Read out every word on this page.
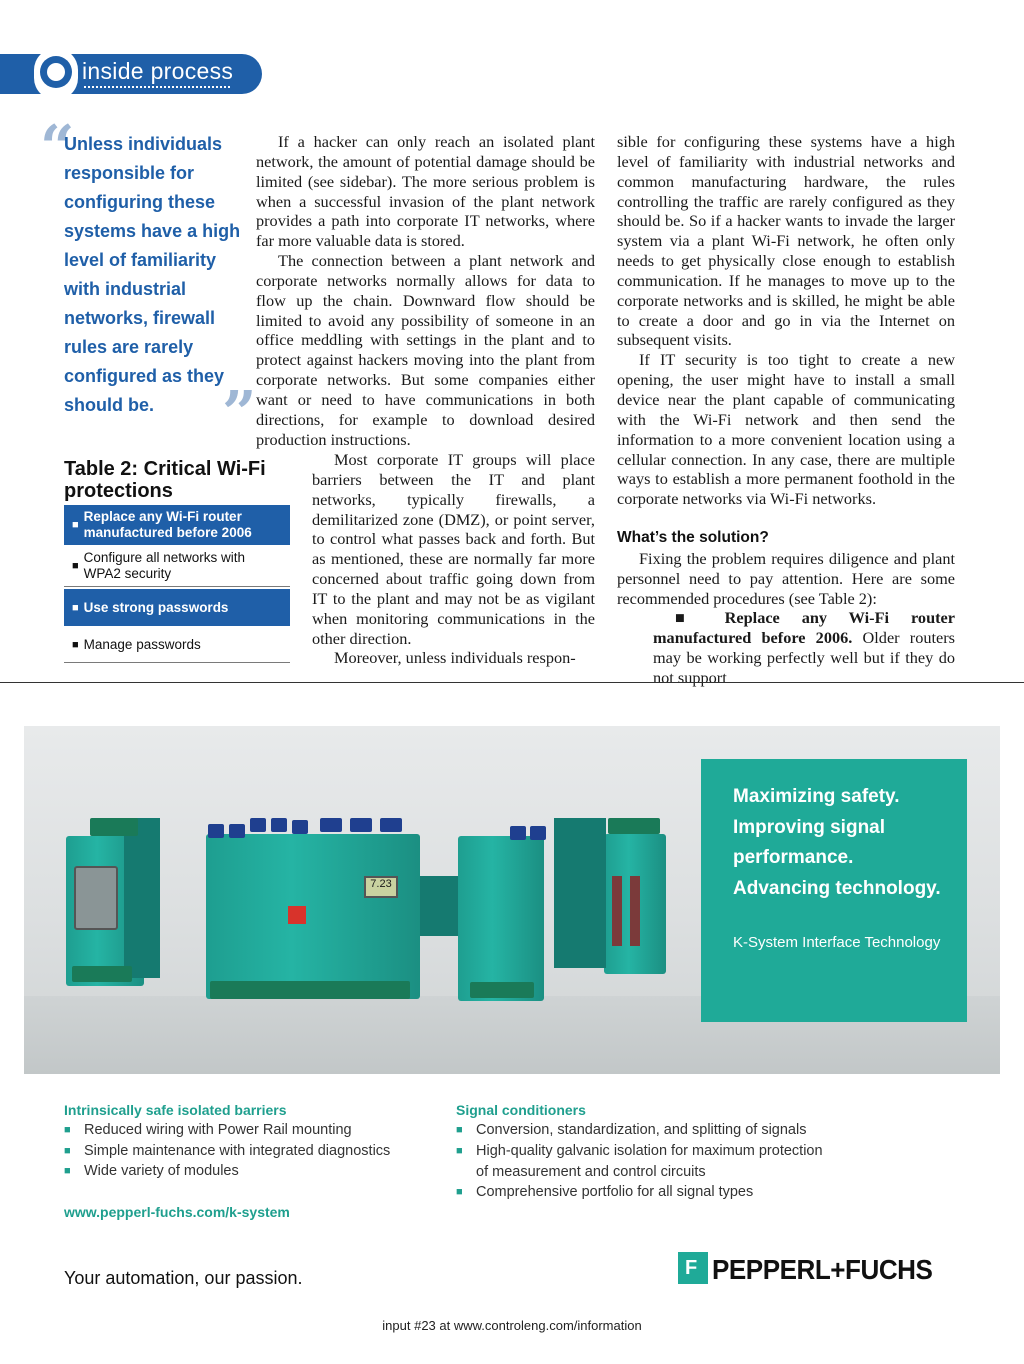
inside process
“

Unless individuals responsible for configuring these systems have a high level of familiarity with industrial networks, firewall rules are rarely configured as they should be.	”

Table 2: Critical Wi-Fi protections

■
Replace any Wi-Fi router manufactured before 2006
■
Configure all networks with WPA2 security
■ Use strong passwords
■ Manage passwords

If a hacker can only reach an isolated plant network, the amount of potential damage should be limited (see sidebar). The more serious problem is when a successful invasion of the plant network provides a path into corporate IT networks, where far more valuable data is stored.

The connection between a plant network and corporate networks normally allows for data to flow up the chain. Downward flow should be limited to avoid any possibility of someone in an office meddling with settings in the plant and to protect against hackers moving into the plant from corporate networks. But some companies either want or need to have communications in both directions, for example to download desired production instructions.

Most corporate IT groups will place barriers between the IT and plant networks, typically firewalls, a demilitarized zone (DMZ), or point server, to control what passes back and forth. But as mentioned, these are normally far more concerned about traffic going down from IT to the plant and may not be as vigilant when monitoring communications in the other direction.

Moreover, unless individuals respon-

sible for configuring these systems have a high level of familiarity with industrial networks and common manufacturing hardware, the rules controlling the traffic are rarely configured as they should be. So if a hacker wants to invade the larger system via a plant Wi-Fi network, he often only needs to get physically close enough to establish communication. If he manages to move up to the corporate networks and is skilled, he might be able to create a door and go in via the Internet on subsequent visits.

If IT security is too tight to create a new opening, the user might have to install a small device near the plant capable of communicating with the Wi-Fi network and then send the information to a more convenient location using a cellular connection. In any case, there are multiple ways to establish a more permanent foothold in the corporate networks via Wi-Fi networks.

What’s the solution?

Fixing the problem requires diligence and plant personnel need to pay attention. Here are some recommended procedures (see Table 2):

■ Replace any Wi-Fi router manufactured before 2006. Older routers may be working perfectly well but if they do not support

7.23

Maximizing safety.
Improving signal
performance.
Advancing technology.

K-System Interface Technology
Intrinsically safe isolated barriers
■ Reduced wiring with Power Rail mounting
■ Simple maintenance with integrated diagnostics
■ Wide variety of modules
Signal conditioners
■ Conversion, standardization, and splitting of signals
■ High-quality galvanic isolation for maximum protection of measurement and control circuits
■ Comprehensive portfolio for all signal types
www.pepperl-fuchs.com/k-system
Your automation, our passion.	F PEPPERL+FUCHS
input #23 at www.controleng.com/information
